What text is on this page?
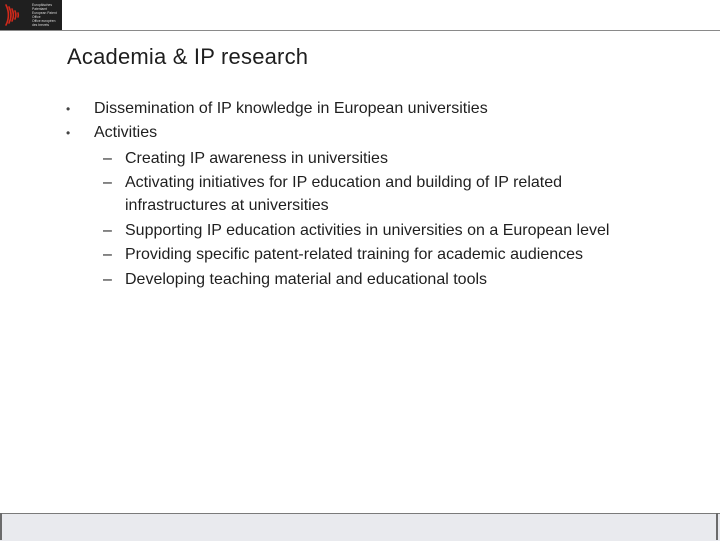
Europäisches Patentamt
European Patent Office
Office européen des brevets
Academia & IP research
• Dissemination of IP knowledge in European universities
• Activities
– Creating IP awareness in universities
– Activating initiatives for IP education and building of IP related infrastructures at universities
– Supporting IP education activities in universities on a European level
– Providing specific patent-related training for academic audiences
– Developing teaching material and educational tools
